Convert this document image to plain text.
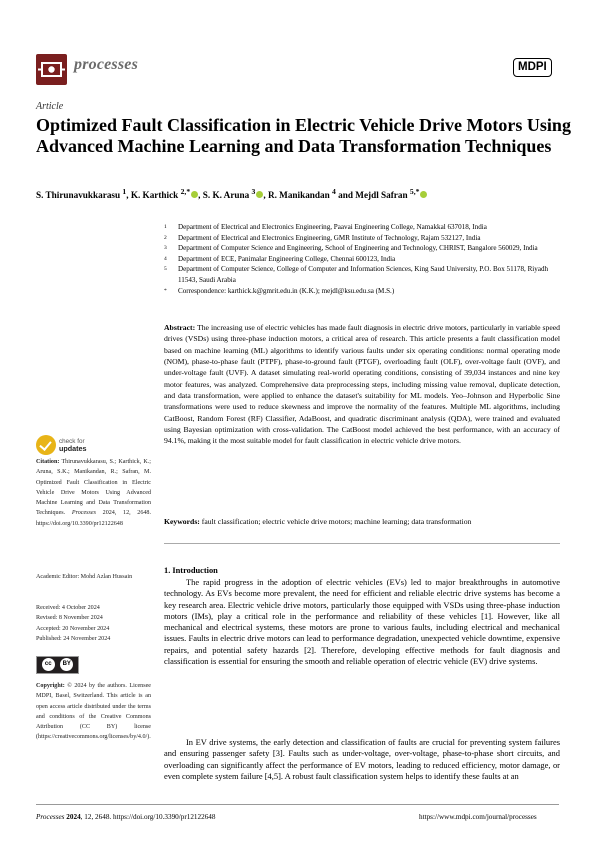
processes	MDPI
Article
Optimized Fault Classification in Electric Vehicle Drive Motors Using Advanced Machine Learning and Data Transformation Techniques
S. Thirunavukkarasu $^1$, K. Karthick $^{2,*}$ , S. K. Aruna $^3$ , R. Manikandan $^4$ and Mejdl Safran $^{5,*}$
1	Department of Electrical and Electronics Engineering, Paavai Engineering College, Namakkal 637018, India
2	Department of Electrical and Electronics Engineering, GMR Institute of Technology, Rajam 532127, India
3	Department of Computer Science and Engineering, School of Engineering and Technology, CHRIST, Bangalore 560029, India
4	Department of ECE, Panimalar Engineering College, Chennai 600123, India
5	Department of Computer Science, College of Computer and Information Sciences, King Saud University, P.O. Box 51178, Riyadh 11543, Saudi Arabia
*	Correspondence: karthick.k@gmrit.edu.in (K.K.); mejdl@ksu.edu.sa (M.S.)
Abstract: The increasing use of electric vehicles has made fault diagnosis in electric drive motors, particularly in variable speed drives (VSDs) using three-phase induction motors, a critical area of research. This article presents a fault classification model based on machine learning (ML) algorithms to identify various faults under six operating conditions: normal operating mode (NOM), phase-to-phase fault (PTPF), phase-to-ground fault (PTGF), overloading fault (OLF), over-voltage fault (OVF), and under-voltage fault (UVF). A dataset simulating real-world operating conditions, consisting of 39,034 instances and nine key motor features, was analyzed. Comprehensive data preprocessing steps, including missing value removal, duplicate detection, and data transformation, were applied to enhance the dataset's suitability for ML models. Yeo–Johnson and Hyperbolic Sine transformations were used to reduce skewness and improve the normality of the features. Multiple ML algorithms, including CatBoost, Random Forest (RF) Classifier, AdaBoost, and quadratic discriminant analysis (QDA), were trained and evaluated using Bayesian optimization with cross-validation. The CatBoost model achieved the best performance, with an accuracy of 94.1%, making it the most suitable model for fault classification in electric vehicle drive motors.
Keywords: fault classification; electric vehicle drive motors; machine learning; data transformation
1. Introduction
The rapid progress in the adoption of electric vehicles (EVs) led to major breakthroughs in automotive technology. As EVs become more prevalent, the need for efficient and reliable electric drive systems has become a key research area. Electric vehicle drive motors, particularly those equipped with VSDs using three-phase induction motors (IMs), play a critical role in the performance and reliability of these vehicles [1]. However, like all mechanical and electrical systems, these motors are prone to various faults, including electrical and mechanical issues. Faults in electric drive motors can lead to performance degradation, unexpected vehicle downtime, expensive repairs, and potential safety hazards [2]. Therefore, developing effective methods for fault diagnosis and classification is essential for ensuring the smooth and reliable operation of electric vehicle (EV) drive systems.
In EV drive systems, the early detection and classification of faults are crucial for preventing system failures and ensuring passenger safety [3]. Faults such as under-voltage, over-voltage, phase-to-phase short circuits, and overloading can significantly affect the performance of EV motors, leading to reduced efficiency, motor damage, or even complete system failure [4,5]. A robust fault classification system helps to identify these faults at an
check for
updates
Citation: Thirunavukkarasu, S.; Karthick, K.; Aruna, S.K.; Manikandan, R.; Safran, M. Optimized Fault Classification in Electric Vehicle Drive Motors Using Advanced Machine Learning and Data Transformation Techniques. Processes 2024, 12, 2648. https://doi.org/10.3390/pr12122648
Academic Editor: Mohd Azlan Hussain
Received: 4 October 2024
Revised: 8 November 2024
Accepted: 20 November 2024
Published: 24 November 2024
cc	BY
Copyright: © 2024 by the authors. Licensee MDPI, Basel, Switzerland. This article is an open access article distributed under the terms and conditions of the Creative Commons Attribution (CC BY) license (https://creativecommons.org/licenses/by/4.0/).
Processes 2024, 12, 2648. https://doi.org/10.3390/pr12122648	https://www.mdpi.com/journal/processes
